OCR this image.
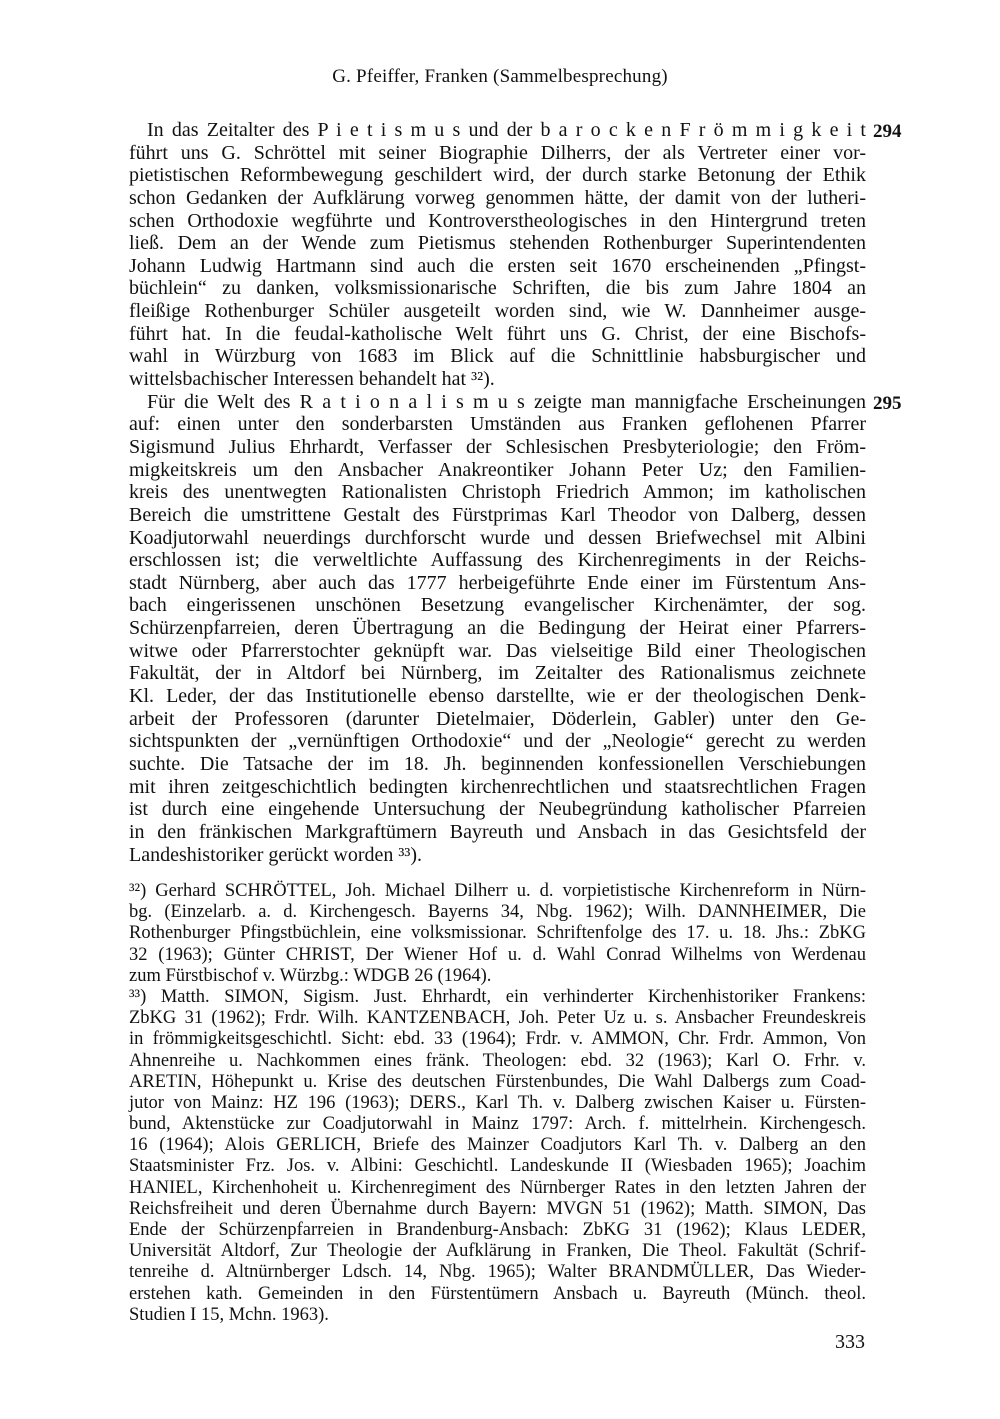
G. Pfeiffer, Franken (Sammelbesprechung)
294
295
In das Zeitalter des P i e t i s m u s und der b a r o c k e n F r ö m m i g k e i t
führt uns G. Schröttel mit seiner Biographie Dilherrs, der als Vertreter einer vor-
pietistischen Reformbewegung geschildert wird, der durch starke Betonung der Ethik
schon Gedanken der Aufklärung vorweg genommen hätte, der damit von der lutheri-
schen Orthodoxie wegführte und Kontroverstheologisches in den Hintergrund treten
ließ. Dem an der Wende zum Pietismus stehenden Rothenburger Superintendenten
Johann Ludwig Hartmann sind auch die ersten seit 1670 erscheinenden „Pfingst-
büchlein“ zu danken, volksmissionarische Schriften, die bis zum Jahre 1804 an
fleißige Rothenburger Schüler ausgeteilt worden sind, wie W. Dannheimer ausge-
führt hat. In die feudal-katholische Welt führt uns G. Christ, der eine Bischofs-
wahl in Würzburg von 1683 im Blick auf die Schnittlinie habsburgischer und
wittelsbachischer Interessen behandelt hat ³²).
Für die Welt des R a t i o n a l i s m u s zeigte man mannigfache Erscheinungen
auf: einen unter den sonderbarsten Umständen aus Franken geflohenen Pfarrer
Sigismund Julius Ehrhardt, Verfasser der Schlesischen Presbyteriologie; den Fröm-
migkeitskreis um den Ansbacher Anakreontiker Johann Peter Uz; den Familien-
kreis des unentwegten Rationalisten Christoph Friedrich Ammon; im katholischen
Bereich die umstrittene Gestalt des Fürstprimas Karl Theodor von Dalberg, dessen
Koadjutorwahl neuerdings durchforscht wurde und dessen Briefwechsel mit Albini
erschlossen ist; die verweltlichte Auffassung des Kirchenregiments in der Reichs-
stadt Nürnberg, aber auch das 1777 herbeigeführte Ende einer im Fürstentum Ans-
bach eingerissenen unschönen Besetzung evangelischer Kirchenämter, der sog.
Schürzenpfarreien, deren Übertragung an die Bedingung der Heirat einer Pfarrers-
witwe oder Pfarrerstochter geknüpft war. Das vielseitige Bild einer Theologischen
Fakultät, der in Altdorf bei Nürnberg, im Zeitalter des Rationalismus zeichnete
Kl. Leder, der das Institutionelle ebenso darstellte, wie er der theologischen Denk-
arbeit der Professoren (darunter Dietelmaier, Döderlein, Gabler) unter den Ge-
sichtspunkten der „vernünftigen Orthodoxie“ und der „Neologie“ gerecht zu werden
suchte. Die Tatsache der im 18. Jh. beginnenden konfessionellen Verschiebungen
mit ihren zeitgeschichtlich bedingten kirchenrechtlichen und staatsrechtlichen Fragen
ist durch eine eingehende Untersuchung der Neubegründung katholischer Pfarreien
in den fränkischen Markgraftümern Bayreuth und Ansbach in das Gesichtsfeld der
Landeshistoriker gerückt worden ³³).
³²) Gerhard SCHRÖTTEL, Joh. Michael Dilherr u. d. vorpietistische Kirchenreform in Nürn-
bg. (Einzelarb. a. d. Kirchengesch. Bayerns 34, Nbg. 1962); Wilh. DANNHEIMER, Die
Rothenburger Pfingstbüchlein, eine volksmissionar. Schriftenfolge des 17. u. 18. Jhs.: ZbKG
32 (1963); Günter CHRIST, Der Wiener Hof u. d. Wahl Conrad Wilhelms von Werdenau
zum Fürstbischof v. Würzbg.: WDGB 26 (1964).
³³) Matth. SIMON, Sigism. Just. Ehrhardt, ein verhinderter Kirchenhistoriker Frankens:
ZbKG 31 (1962); Frdr. Wilh. KANTZENBACH, Joh. Peter Uz u. s. Ansbacher Freundeskreis
in frömmigkeitsgeschichtl. Sicht: ebd. 33 (1964); Frdr. v. AMMON, Chr. Frdr. Ammon, Von
Ahnenreihe u. Nachkommen eines fränk. Theologen: ebd. 32 (1963); Karl O. Frhr. v.
ARETIN, Höhepunkt u. Krise des deutschen Fürstenbundes, Die Wahl Dalbergs zum Coad-
jutor von Mainz: HZ 196 (1963); DERS., Karl Th. v. Dalberg zwischen Kaiser u. Fürsten-
bund, Aktenstücke zur Coadjutorwahl in Mainz 1797: Arch. f. mittelrhein. Kirchengesch.
16 (1964); Alois GERLICH, Briefe des Mainzer Coadjutors Karl Th. v. Dalberg an den
Staatsminister Frz. Jos. v. Albini: Geschichtl. Landeskunde II (Wiesbaden 1965); Joachim
HANIEL, Kirchenhoheit u. Kirchenregiment des Nürnberger Rates in den letzten Jahren der
Reichsfreiheit und deren Übernahme durch Bayern: MVGN 51 (1962); Matth. SIMON, Das
Ende der Schürzenpfarreien in Brandenburg-Ansbach: ZbKG 31 (1962); Klaus LEDER,
Universität Altdorf, Zur Theologie der Aufklärung in Franken, Die Theol. Fakultät (Schrif-
tenreihe d. Altnürnberger Ldsch. 14, Nbg. 1965); Walter BRANDMÜLLER, Das Wieder-
erstehen kath. Gemeinden in den Fürstentümern Ansbach u. Bayreuth (Münch. theol.
Studien I 15, Mchn. 1963).
333
